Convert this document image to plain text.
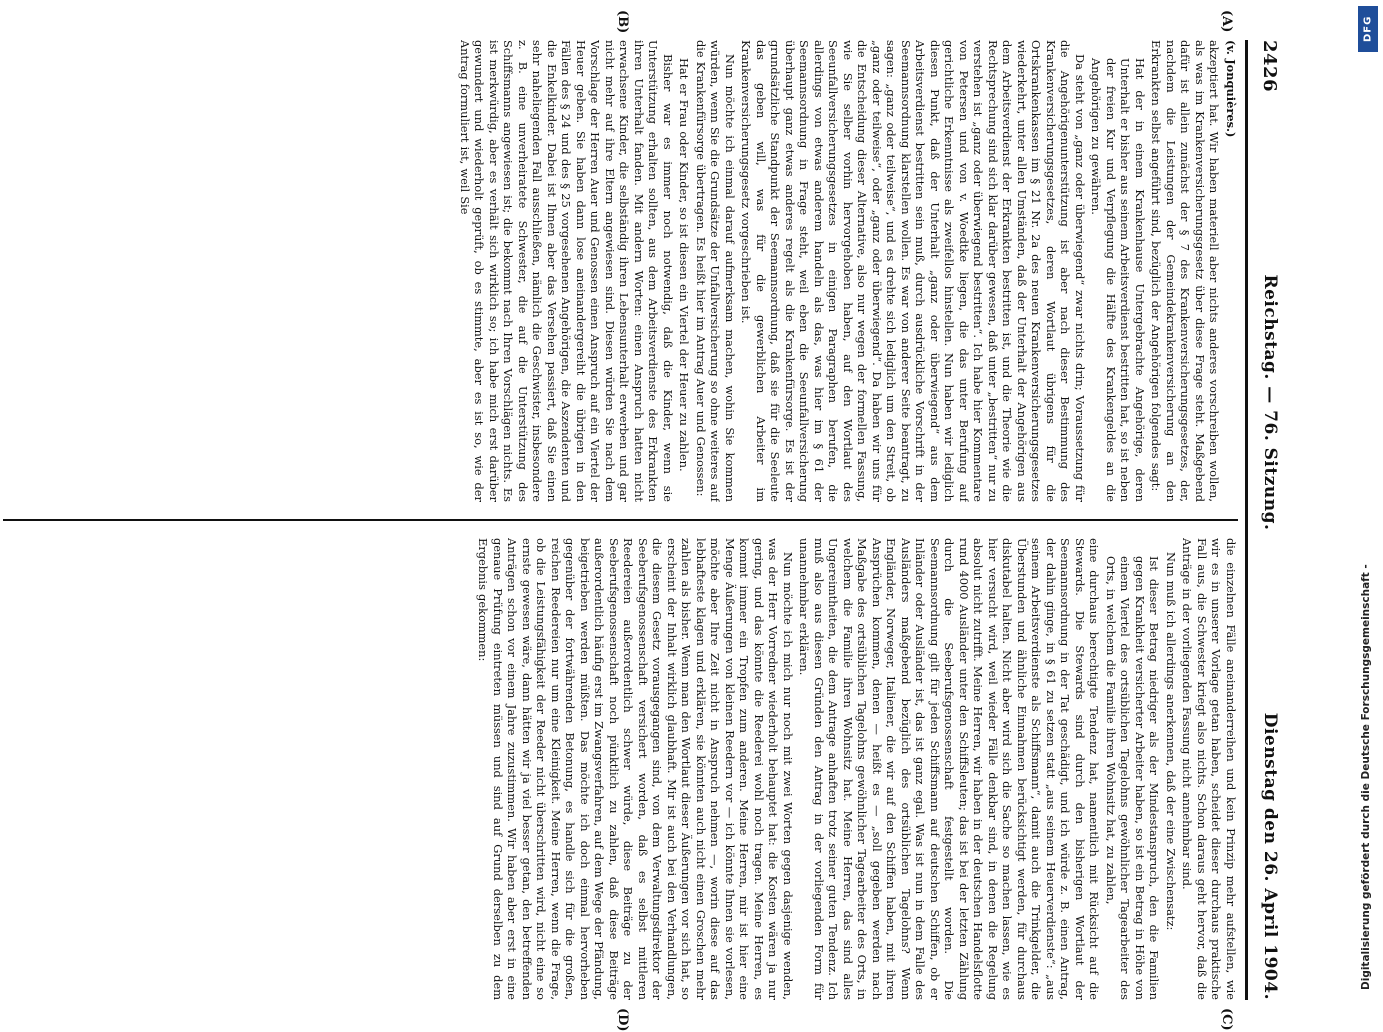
2426
Reichstag. — 76. Sitzung.
Dienstag den 26. April 1904.
(A)
(B)
(C)
(D)

(v. Jonquières.)

akzeptiert hat. Wir haben materiell aber nichts anderes vorschreiben wollen, als was im Krankenversicherungsgesetz über diese Frage steht. Maßgebend dafür ist allein zunächst der § 7 des Krankenversicherungsgesetzes, der, nachdem die Leistungen der Gemeindekrankenversicherung an den Erkrankten selbst angeführt sind, bezüglich der Angehörigen folgendes sagt:

Hat der in einem Krankenhause Untergebrachte Angehörige, deren Unterhalt er bisher aus seinem Arbeitsverdienst bestritten hat, so ist neben der freien Kur und Verpflegung die Hälfte des Krankengeldes an die Angehörigen zu gewähren.

Da steht von „ganz oder überwiegend“ zwar nichts drin; Voraussetzung für die Angehörigenunterstützung ist aber nach dieser Bestimmung des Krankenversicherungsgesetzes, deren Wortlaut übrigens für die Ortskrankenkassen im § 21 Nr. 2a des neuen Krankenversicherungsgesetzes wiederkehrt, unter allen Umständen, daß der Unterhalt der Angehörigen aus dem Arbeitsverdienst der Erkrankten bestritten ist, und die Theorie wie die Rechtsprechung sind sich klar darüber gewesen, daß unter „bestritten“ nur zu verstehen ist „ganz oder überwiegend bestritten“. Ich habe hier Kommentare von Petersen und von v. Woedtke liegen, die das unter Berufung auf gerichtliche Erkenntnisse als zweifellos hinstellen. Nun haben wir lediglich diesen Punkt, daß der Unterhalt „ganz oder überwiegend“ aus dem Arbeitsverdienst bestritten sein muß, durch ausdrückliche Vorschrift in der Seemannsordnung klarstellen wollen. Es war von anderer Seite beantragt, zu sagen: „ganz oder teilweise“, und es drehte sich lediglich um den Streit, ob „ganz oder teilweise“, oder „ganz oder überwiegend“. Da haben wir uns für die Entscheidung dieser Alternative, also nur wegen der formellen Fassung, wie Sie selber vorhin hervorgehoben haben, auf den Wortlaut des Seeunfallversicherungsgesetzes in einigen Paragraphen berufen, die allerdings von etwas anderem handeln als das, was hier im § 61 der Seemannsordnung in Frage steht, weil eben die Seeunfallversicherung überhaupt ganz etwas anderes regelt als die Krankenfürsorge. Es ist der grundsätzliche Standpunkt der Seemannsordnung, daß sie für die Seeleute das geben will, was für die gewerblichen Arbeiter im Krankenversicherungsgesetz vorgeschrieben ist.

Nun möchte ich einmal darauf aufmerksam machen, wohin Sie kommen würden, wenn Sie die Grundsätze der Unfallversicherung so ohne weiteres auf die Krankenfürsorge übertragen. Es heißt hier im Antrag Auer und Genossen:

Hat er Frau oder Kinder, so ist diesen ein Viertel der Heuer zu zahlen.

Bisher war es immer noch notwendig, daß die Kinder, wenn sie Unterstützung erhalten sollten, aus dem Arbeitsverdienste des Erkrankten ihren Unterhalt fanden. Mit andern Worten: einen Anspruch hatten nicht erwachsene Kinder, die selbständig ihren Lebensunterhalt erwerben und gar nicht mehr auf ihre Eltern angewiesen sind. Diesen würden Sie nach dem Vorschlage der Herren Auer und Genossen einen Anspruch auf ein Viertel der Heuer geben. Sie haben dann lose aneinandergereiht die übrigen in den Fällen des § 24 und des § 25 vorgesehenen Angehörigen, die Aszendenten und die Enkelkinder. Dabei ist Ihnen aber das Versehen passiert, daß Sie einen sehr naheliegenden Fall ausschließen, nämlich die Geschwister, insbesondere z. B. eine unverheiratete Schwester, die auf die Unterstützung des Schiffsmanns angewiesen ist; die bekommt nach Ihren Vorschlägen nichts. Es ist merkwürdig, aber es verhält sich wirklich so; ich habe mich erst darüber gewundert und wiederholt geprüft, ob es stimmte, aber es ist so, wie der Antrag formuliert ist, weil Sie

die einzelnen Fälle aneinanderreihen und kein Prinzip mehr aufstellen, wie wir es in unserer Vorlage getan haben, scheidet dieser durchaus praktische Fall aus, die Schwester kriegt also nichts. Schon daraus geht hervor, daß die Anträge in der vorliegenden Fassung nicht annehmbar sind.

Nun muß ich allerdings anerkennen, daß der eine Zwischensatz:

Ist dieser Betrag niedriger als der Mindestanspruch, den die Familien gegen Krankheit versicherter Arbeiter haben, so ist ein Betrag in Höhe von einem Viertel des ortsüblichen Tagelohns gewöhnlicher Tagearbeiter des Orts, in welchem die Familie ihren Wohnsitz hat, zu zahlen,

eine durchaus berechtigte Tendenz hat, namentlich mit Rücksicht auf die Stewards. Die Stewards sind durch den bisherigen Wortlaut der Seemannsordnung in der Tat geschädigt, und ich würde z. B. einen Antrag, der dahin ginge, in § 61 zu setzen statt „aus seinem Heuerverdienste“: „aus seinem Arbeitsverdienste als Schiffsmann“, damit auch die Trinkgelder, die Überstunden und ähnliche Einnahmen berücksichtigt werden, für durchaus diskutabel halten. Nicht aber wird sich die Sache so machen lassen, wie es hier versucht wird, weil wieder Fälle denkbar sind, in denen die Regelung absolut nicht zutrifft. Meine Herren, wir haben in der deutschen Handelsflotte rund 4000 Ausländer unter den Schiffsleuten; das ist bei der letzten Zählung durch die Seeberufsgenossenschaft festgestellt worden. Die Seemannsordnung gilt für jeden Schiffsmann auf deutschen Schiffen, ob er Inländer oder Ausländer ist, das ist ganz egal. Was ist nun in dem Falle des Ausländers maßgebend bezüglich des ortsüblichen Tagelohns? Wenn Engländer, Norweger, Italiener, die wir auf den Schiffen haben, mit ihren Ansprüchen kommen, denen — heißt es — „soll gegeben werden nach Maßgabe des ortsüblichen Tagelohns gewöhnlicher Tagearbeiter des Orts, in welchem die Familie ihren Wohnsitz hat. Meine Herren, das sind alles Ungereimtheiten, die dem Antrage anhaften trotz seiner guten Tendenz. Ich muß also aus diesen Gründen den Antrag in der vorliegenden Form für unannehmbar erklären.

Nun möchte ich mich nur noch mit zwei Worten gegen dasjenige wenden, was der Herr Vorredner wiederholt behauptet hat: die Kosten wären ja nur gering, und das könnte die Reederei wohl noch tragen. Meine Herren, es kommt immer ein Tropfen zum anderen. Meine Herren, mir ist hier eine Menge Äußerungen von kleinen Reedern vor — ich könnte Ihnen sie vorlesen, möchte aber Ihre Zeit nicht in Anspruch nehmen —, worin diese auf das lebhafteste klagen und erklären, sie könnten auch nicht einen Groschen mehr zahlen als bisher. Wenn man den Wortlaut dieser Äußerungen vor sich hat, so erscheint der Inhalt wirklich glaubhaft. Mir ist auch bei den Verhandlungen, die diesem Gesetz vorausgegangen sind, von dem Verwaltungsdirektor der Seeberufsgenossenschaft versichert worden, daß es selbst mittleren Reedereien außerordentlich schwer würde, diese Beiträge zu der Seeberufsgenossenschaft noch pünktlich zu zahlen, daß diese Beiträge außerordentlich häufig erst im Zwangsverfahren, auf dem Wege der Pfändung, beigetrieben werden müßten. Das möchte ich doch einmal hervorheben gegenüber der fortwährenden Betonung, es handle sich für die großen, reichen Reedereien nur um eine Kleinigkeit. Meine Herren, wenn die Frage, ob die Leistungsfähigkeit der Reeder nicht überschritten wird, nicht eine so ernste gewesen wäre, dann hätten wir ja viel besser getan, den betreffenden Anträgen schon vor einem Jahre zuzustimmen. Wir haben aber erst in eine genaue Prüfung eintreten müssen und sind auf Grund derselben zu dem Ergebnis gekommen:

DFG
Digitalisierung gefördert durch die Deutsche Forschungsgemeinschaft -
